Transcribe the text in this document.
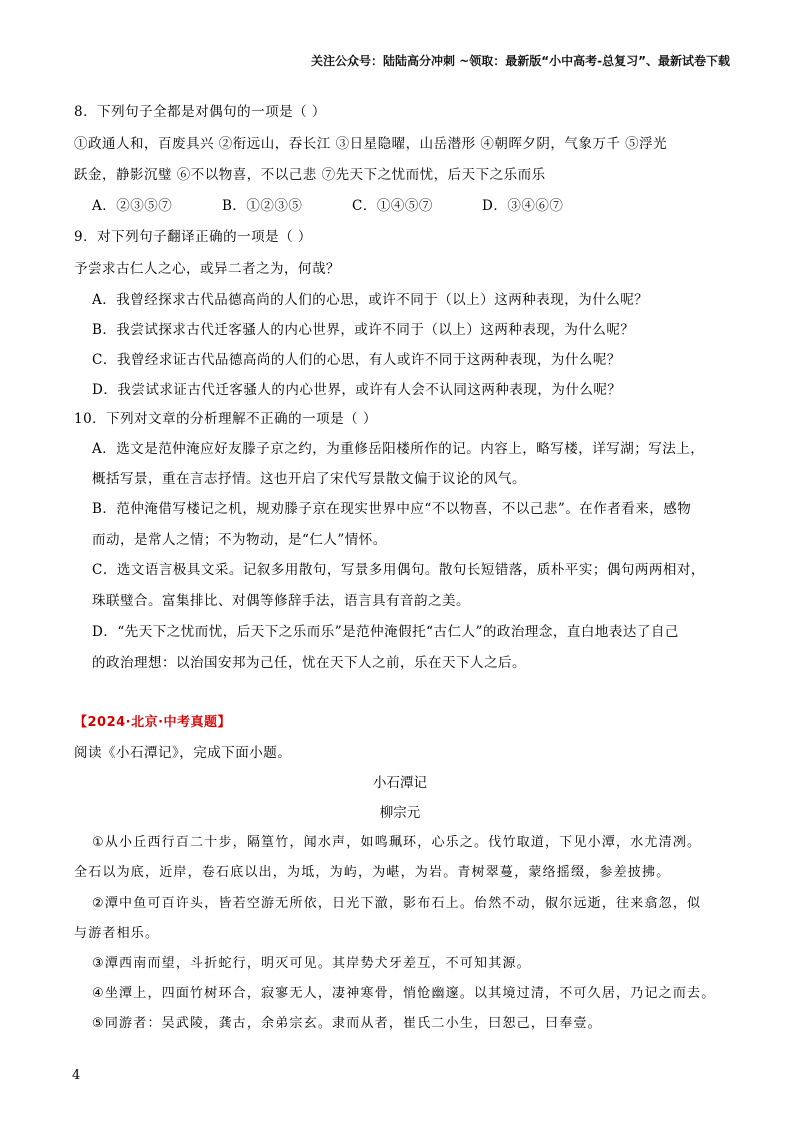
关注公众号：陆陆高分冲刺 ~领取：最新版“小中高考-总复习”、最新试卷下载
8．下列句子全都是对偶句的一项是（ ）
①政通人和，百废具兴 ②衔远山，吞长江 ③日星隐曜，山岳潜形 ④朝晖夕阴，气象万千 ⑤浮光
跃金，静影沉璧 ⑥不以物喜，不以己悲 ⑦先天下之忧而忧，后天下之乐而乐
A．②③⑤⑦	B．①②③⑤	C．①④⑤⑦	D．③④⑥⑦
9．对下列句子翻译正确的一项是（ ）
予尝求古仁人之心，或异二者之为，何哉？
A．我曾经探求古代品德高尚的人们的心思，或许不同于（以上）这两种表现，为什么呢？
B．我尝试探求古代迁客骚人的内心世界，或许不同于（以上）这两种表现，为什么呢？
C．我曾经求证古代品德高尚的人们的心思，有人或许不同于这两种表现，为什么呢？
D．我尝试求证古代迁客骚人的内心世界，或许有人会不认同这两种表现，为什么呢？
10．下列对文章的分析理解不正确的一项是（ ）
A．选文是范仲淹应好友滕子京之约，为重修岳阳楼所作的记。内容上，略写楼，详写湖；写法上，
概括写景，重在言志抒情。这也开启了宋代写景散文偏于议论的风气。
B．范仲淹借写楼记之机，规劝滕子京在现实世界中应“不以物喜，不以己悲”。在作者看来，感物
而动，是常人之情；不为物动，是“仁人”情怀。
C．选文语言极具文采。记叙多用散句，写景多用偶句。散句长短错落，质朴平实；偶句两两相对，
珠联璧合。富集排比、对偶等修辞手法，语言具有音韵之美。
D．“先天下之忧而忧，后天下之乐而乐”是范仲淹假托“古仁人”的政治理念，直白地表达了自己
的政治理想：以治国安邦为己任，忧在天下人之前，乐在天下人之后。
【2024·北京·中考真题】
阅读《小石潭记》，完成下面小题。
小石潭记
柳宗元
①从小丘西行百二十步，隔篁竹，闻水声，如鸣珮环，心乐之。伐竹取道，下见小潭，水尤清冽。
全石以为底，近岸，卷石底以出，为坻，为屿，为嵁，为岩。青树翠蔓，蒙络摇缀，参差披拂。
②潭中鱼可百许头，皆若空游无所依，日光下澈，影布石上。佁然不动，俶尔远逝，往来翕忽，似
与游者相乐。
③潭西南而望，斗折蛇行，明灭可见。其岸势犬牙差互，不可知其源。
④坐潭上，四面竹树环合，寂寥无人，凄神寒骨，悄怆幽邃。以其境过清，不可久居，乃记之而去。
⑤同游者：吴武陵，龚古，余弟宗玄。隶而从者，崔氏二小生，曰恕己，曰奉壹。
4
